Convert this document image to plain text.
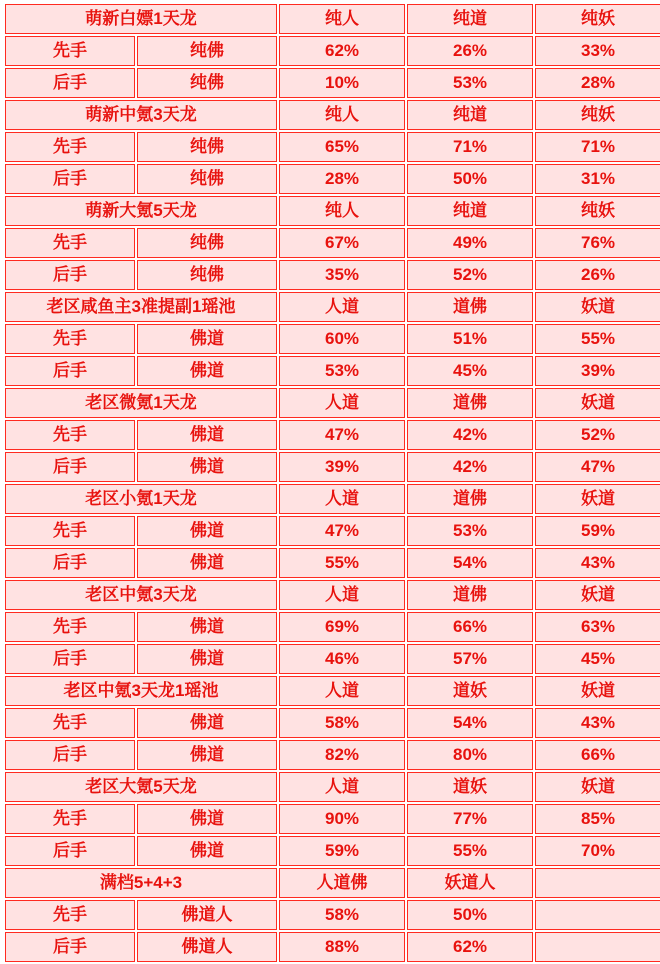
萌新白嫖1天龙		纯人	纯道	纯妖
先手	纯佛	62%	26%	33%
后手	纯佛	10%	53%	28%
萌新中氪3天龙		纯人	纯道	纯妖
先手	纯佛	65%	71%	71%
后手	纯佛	28%	50%	31%
萌新大氪5天龙		纯人	纯道	纯妖
先手	纯佛	67%	49%	76%
后手	纯佛	35%	52%	26%
老区咸鱼主3准提副1瑶池		人道	道佛	妖道
先手	佛道	60%	51%	55%
后手	佛道	53%	45%	39%
老区微氪1天龙		人道	道佛	妖道
先手	佛道	47%	42%	52%
后手	佛道	39%	42%	47%
老区小氪1天龙		人道	道佛	妖道
先手	佛道	47%	53%	59%
后手	佛道	55%	54%	43%
老区中氪3天龙		人道	道佛	妖道
先手	佛道	69%	66%	63%
后手	佛道	46%	57%	45%
老区中氪3天龙1瑶池		人道	道妖	妖道
先手	佛道	58%	54%	43%
后手	佛道	82%	80%	66%
老区大氪5天龙		人道	道妖	妖道
先手	佛道	90%	77%	85%
后手	佛道	59%	55%	70%
满档5+4+3		人道佛	妖道人	
先手	佛道人	58%	50%	
后手	佛道人	88%	62%	
